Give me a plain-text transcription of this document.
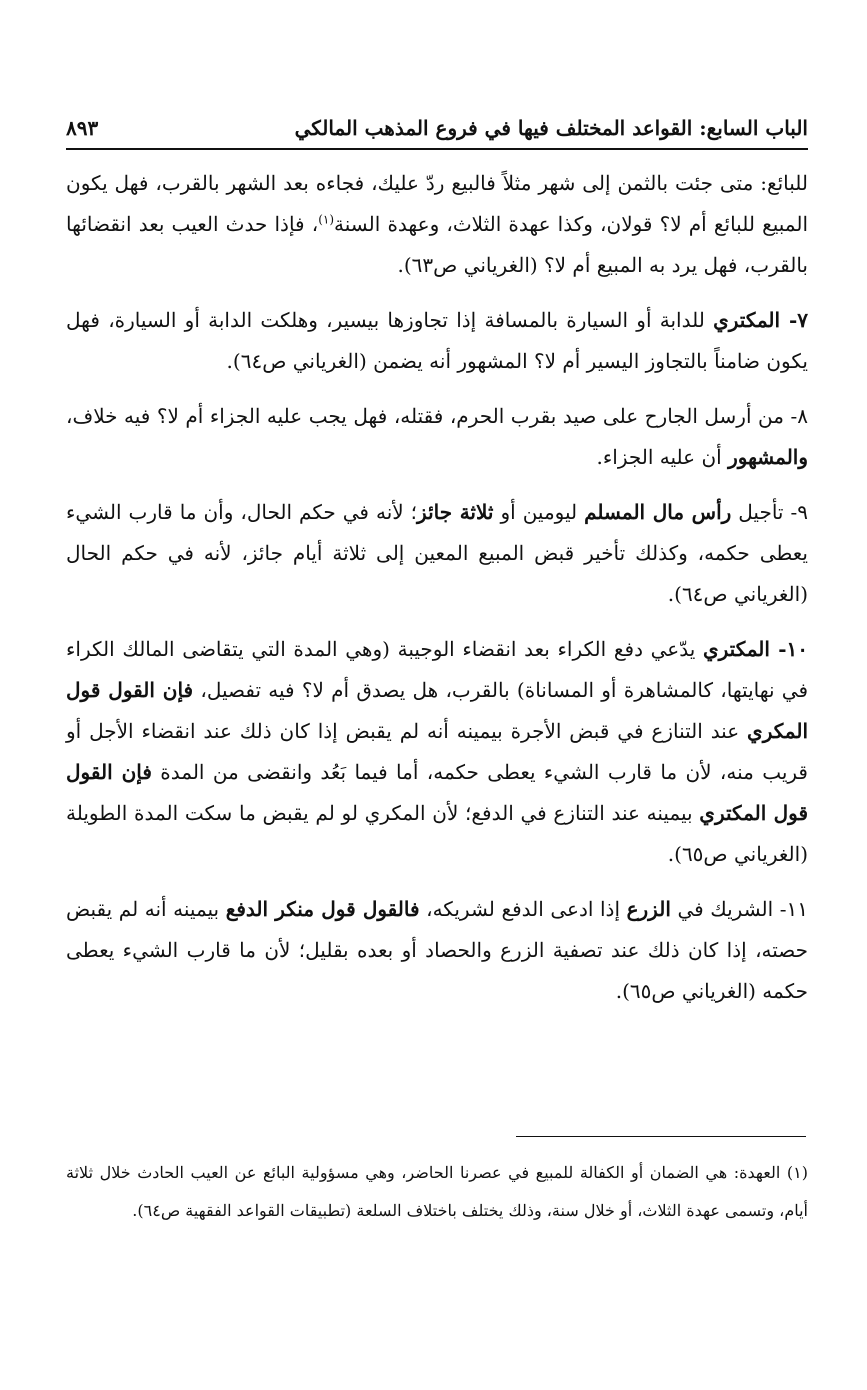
الباب السابع: القواعد المختلف فيها في فروع المذهب المالكي
٨٩٣

للبائع: متى جئت بالثمن إلى شهر مثلاً فالبيع ردّ عليك، فجاءه بعد الشهر بالقرب، فهل يكون المبيع للبائع أم لا؟ قولان، وكذا عهدة الثلاث، وعهدة السنة$^{(١)}$، فإذا حدث العيب بعد انقضائها بالقرب، فهل يرد به المبيع أم لا؟ (الغرياني ص٦٣).

٧- المكتري للدابة أو السيارة بالمسافة إذا تجاوزها بيسير، وهلكت الدابة أو السيارة، فهل يكون ضامناً بالتجاوز اليسير أم لا؟ المشهور أنه يضمن (الغرياني ص٦٤).

٨- من أرسل الجارح على صيد بقرب الحرم، فقتله، فهل يجب عليه الجزاء أم لا؟ فيه خلاف، والمشهور أن عليه الجزاء.

٩- تأجيل رأس مال المسلم ليومين أو ثلاثة جائز؛ لأنه في حكم الحال، وأن ما قارب الشيء يعطى حكمه، وكذلك تأخير قبض المبيع المعين إلى ثلاثة أيام جائز، لأنه في حكم الحال (الغرياني ص٦٤).

١٠- المكتري يدّعي دفع الكراء بعد انقضاء الوجيبة (وهي المدة التي يتقاضى المالك الكراء في نهايتها، كالمشاهرة أو المساناة) بالقرب، هل يصدق أم لا؟ فيه تفصيل، فإن القول قول المكري عند التنازع في قبض الأجرة بيمينه أنه لم يقبض إذا كان ذلك عند انقضاء الأجل أو قريب منه، لأن ما قارب الشيء يعطى حكمه، أما فيما بَعُد وانقضى من المدة فإن القول قول المكتري بيمينه عند التنازع في الدفع؛ لأن المكري لو لم يقبض ما سكت المدة الطويلة (الغرياني ص٦٥).

١١- الشريك في الزرع إذا ادعى الدفع لشريكه، فالقول قول منكر الدفع بيمينه أنه لم يقبض حصته، إذا كان ذلك عند تصفية الزرع والحصاد أو بعده بقليل؛ لأن ما قارب الشيء يعطى حكمه (الغرياني ص٦٥).

(١) العهدة: هي الضمان أو الكفالة للمبيع في عصرنا الحاضر، وهي مسؤولية البائع عن العيب الحادث خلال ثلاثة أيام، وتسمى عهدة الثلاث، أو خلال سنة، وذلك يختلف باختلاف السلعة (تطبيقات القواعد الفقهية ص٦٤).
